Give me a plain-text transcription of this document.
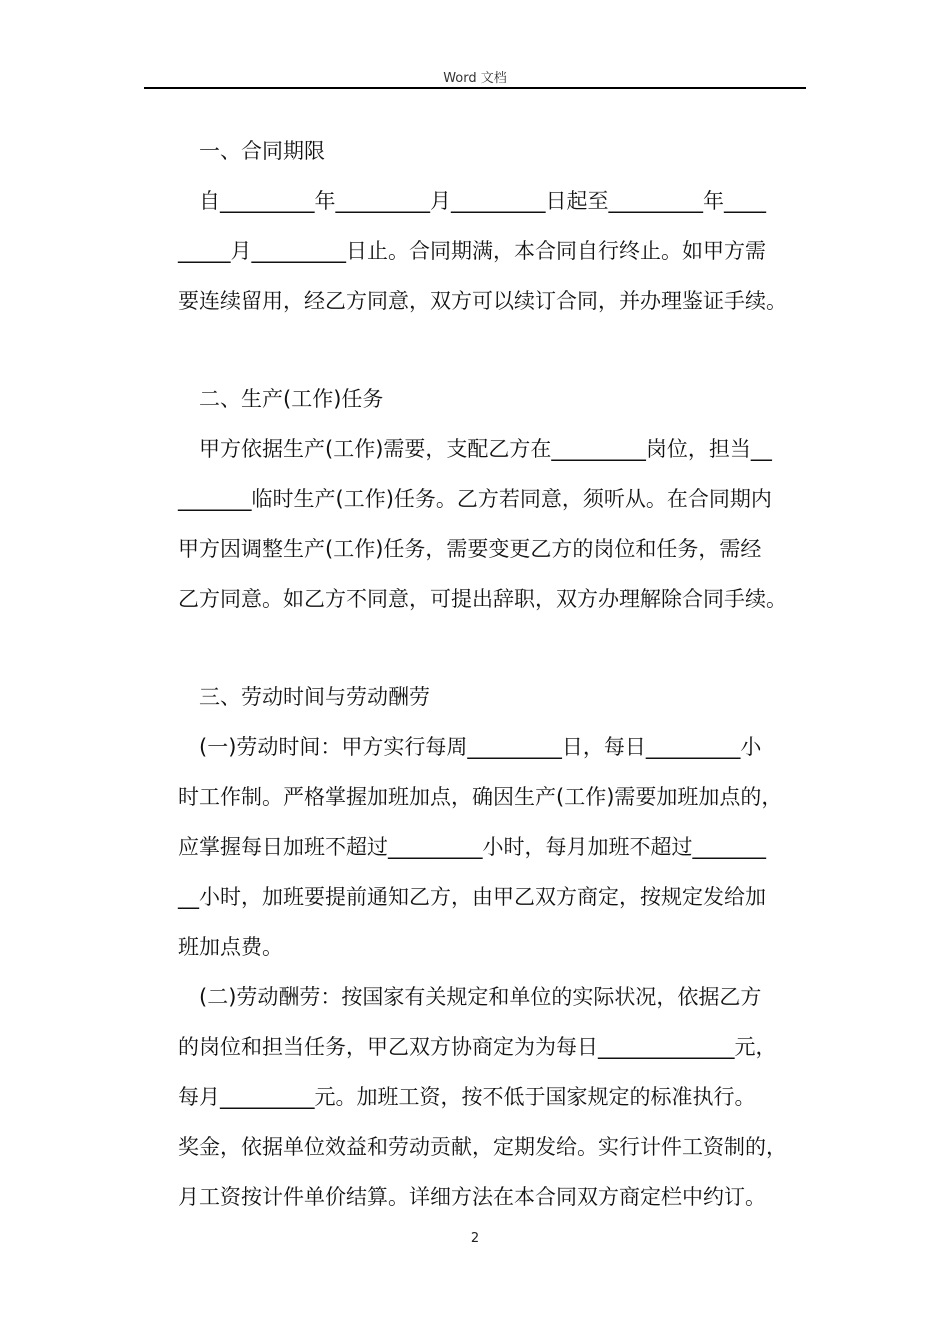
Word 文档
一、合同期限
自_________年_________月_________日起至_________年____
_____月_________日止。合同期满，本合同自行终止。如甲方需
要连续留用，经乙方同意，双方可以续订合同，并办理鉴证手续。
二、生产(工作)任务
甲方依据生产(工作)需要，支配乙方在_________岗位，担当__
_______临时生产(工作)任务。乙方若同意，须听从。在合同期内
甲方因调整生产(工作)任务，需要变更乙方的岗位和任务，需经
乙方同意。如乙方不同意，可提出辞职，双方办理解除合同手续。
三、劳动时间与劳动酬劳
(一)劳动时间：甲方实行每周_________日，每日_________小
时工作制。严格掌握加班加点，确因生产(工作)需要加班加点的，
应掌握每日加班不超过_________小时，每月加班不超过_______
__小时，加班要提前通知乙方，由甲乙双方商定，按规定发给加
班加点费。
(二)劳动酬劳：按国家有关规定和单位的实际状况，依据乙方
的岗位和担当任务，甲乙双方协商定为为每日_____________元，
每月_________元。加班工资，按不低于国家规定的标准执行。
奖金，依据单位效益和劳动贡献，定期发给。实行计件工资制的，
月工资按计件单价结算。详细方法在本合同双方商定栏中约订。
2
